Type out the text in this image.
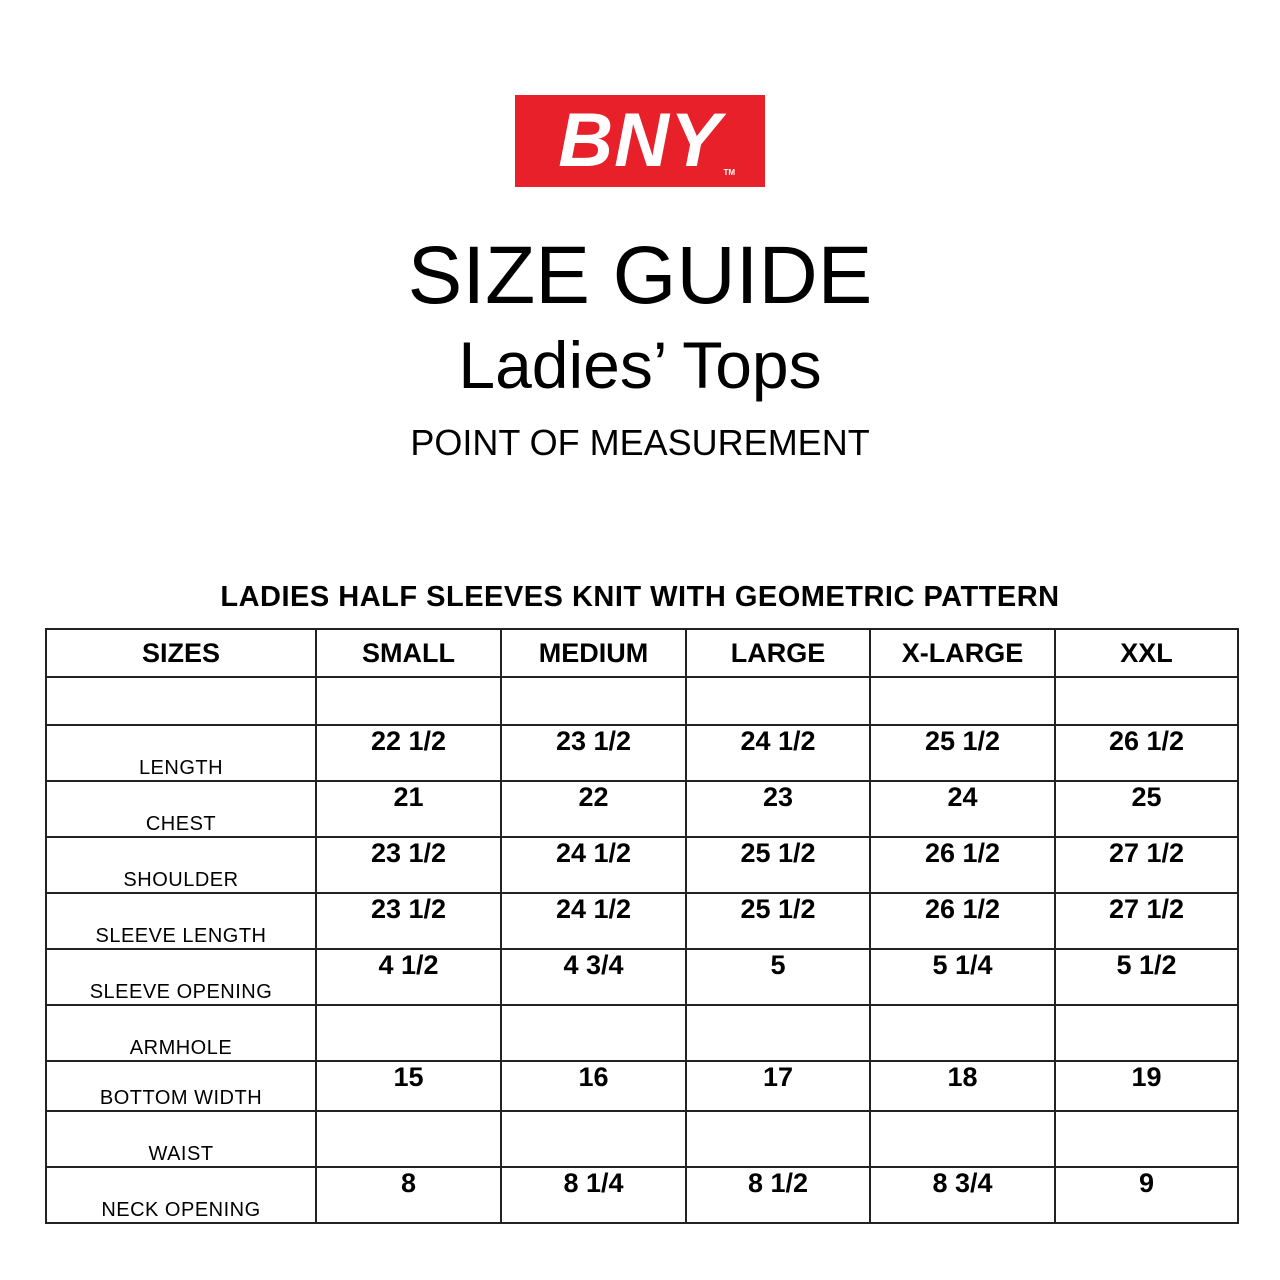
BNY TM
SIZE GUIDE
Ladies’ Tops
POINT OF MEASUREMENT
LADIES HALF SLEEVES KNIT WITH GEOMETRIC PATTERN
SIZES	SMALL	MEDIUM	LARGE	X-LARGE	XXL

LENGTH	22 1/2	23 1/2	24 1/2	25 1/2	26 1/2
CHEST	21	22	23	24	25
SHOULDER	23 1/2	24 1/2	25 1/2	26 1/2	27 1/2
SLEEVE LENGTH	23 1/2	24 1/2	25 1/2	26 1/2	27 1/2
SLEEVE OPENING	4 1/2	4 3/4	5	5 1/4	5 1/2
ARMHOLE					
BOTTOM WIDTH	15	16	17	18	19
WAIST					
NECK OPENING	8	8 1/4	8 1/2	8 3/4	9
